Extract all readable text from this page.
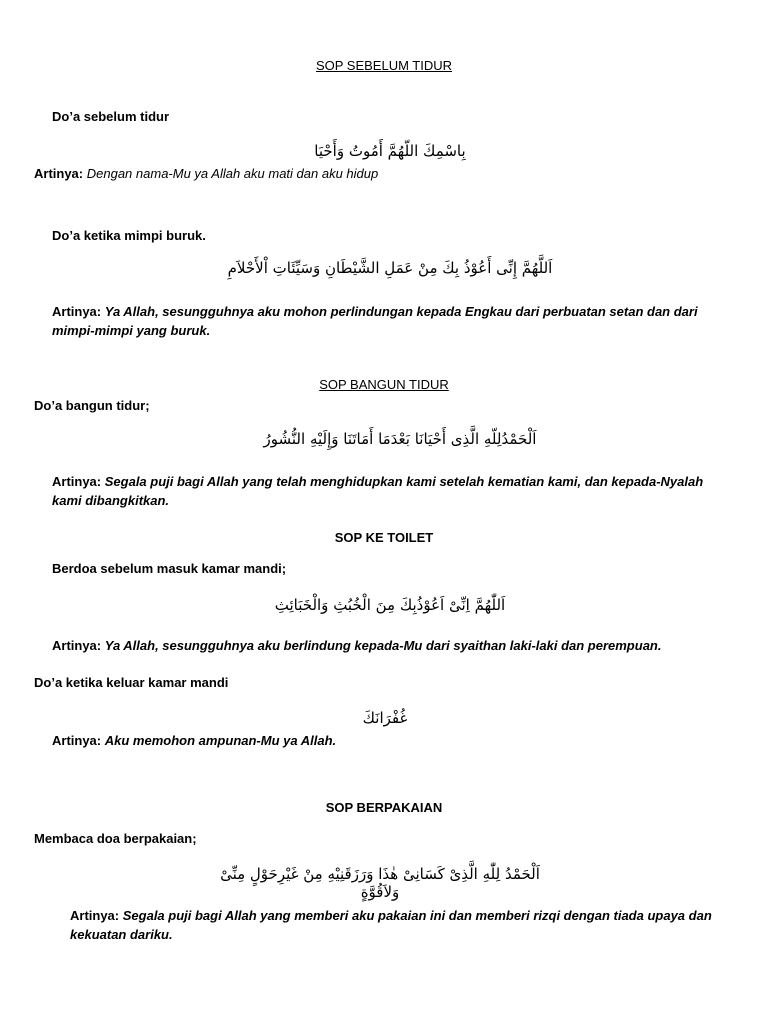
SOP SEBELUM TIDUR
Do’a sebelum tidur
بِاسْمِكَ اللّهُمَّ أَمُوتُ وَأَحْيَا
Artinya: Dengan nama-Mu ya Allah aku mati dan aku hidup
Do’a ketika mimpi buruk.
اَللَّهُمَّ إِنِّى أَعُوْذُ بِكَ مِنْ عَمَلِ الشَّيْطَانِ وَسَيِّئَاتِ اْلأَحْلاَمِ
Artinya: Ya Allah, sesungguhnya aku mohon perlindungan kepada Engkau dari perbuatan setan dan dari mimpi-mimpi yang buruk.
SOP BANGUN TIDUR
Do’a bangun tidur;
اَلْحَمْدُلِلّهِ الَّذِى أَحْيَانَا بَعْدَمَا أَمَاتَنَا وَإِلَيْهِ النُّشُورُ
Artinya: Segala puji bagi Allah yang telah menghidupkan kami setelah kematian kami, dan kepada-Nyalah kami dibangkitkan.
SOP KE TOILET
Berdoa sebelum masuk kamar mandi;
اَللّٰهُمَّ اِنِّىْ اَعُوْذُبِكَ مِنَ الْخُبُثِ وَالْخَبَائِثِ
Artinya: Ya Allah, sesungguhnya aku berlindung kepada-Mu dari syaithan laki-laki dan perempuan.
Do’a ketika keluar kamar mandi
غُفْرَانَكَ
Artinya: Aku memohon ampunan-Mu ya Allah.
SOP BERPAKAIAN
Membaca doa berpakaian;
اَلْحَمْدُ لِلّٰهِ الَّذِىْ كَسَانِىْ هٰذَا وَرَزَقَنِيْهِ مِنْ غَيْرِحَوْلٍ مِنِّىْ وَلاَقُوَّةٍ
Artinya: Segala puji bagi Allah yang memberi aku pakaian ini dan memberi rizqi dengan tiada upaya dan kekuatan dariku.
